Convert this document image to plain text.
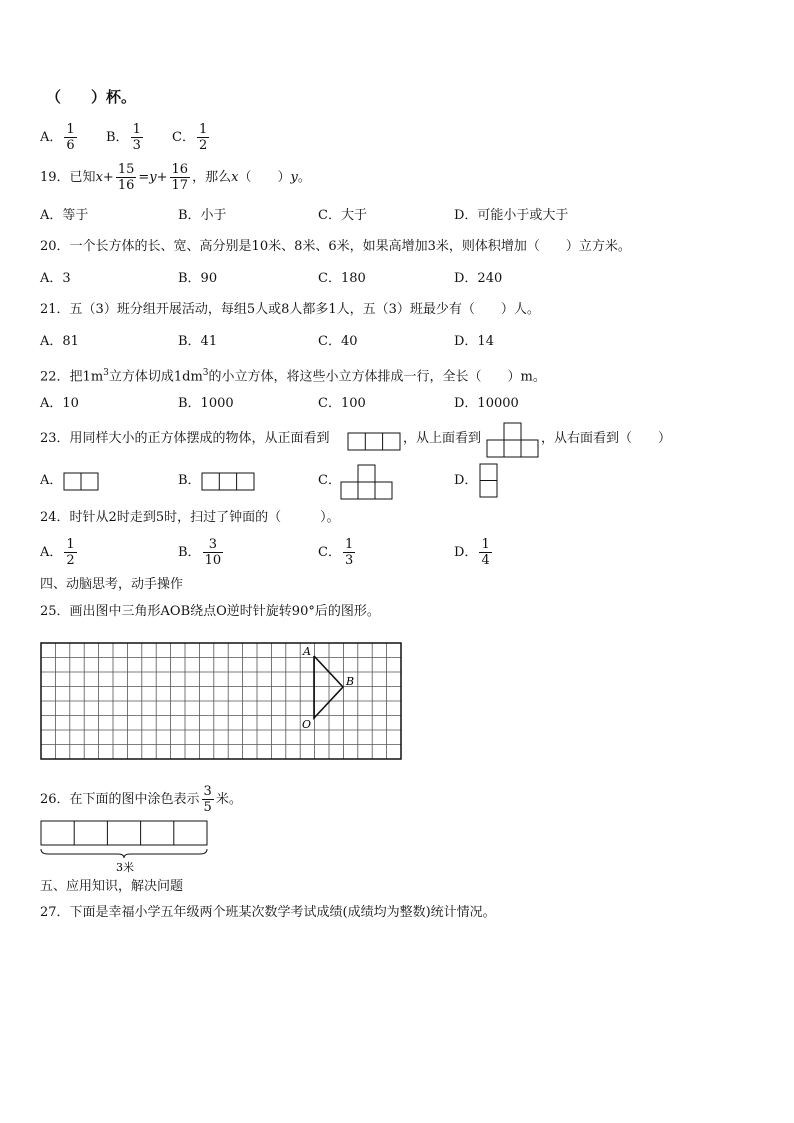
（　　）杯。
A． $\frac{1}{6}$ B． $\frac{1}{3}$ C． $\frac{1}{2}$
19．已知$x+ \frac{15}{16} =y+ \frac{16}{17}$ ，那么x（　　）y。
A．等于	B．小于	C．大于	D．可能小于或大于
20．一个长方体的长、宽、高分别是10米、8米、6米，如果高增加3米，则体积增加（　　）立方米。
A．3	B．90	C．180	D．240
21．五（3）班分组开展活动，每组5人或8人都多1人，五（3）班最少有（　　）人。
A．81	B．41	C．40	D．14
22．把$1m^3$立方体切成$1dm^3$的小立方体，将这些小立方体排成一行，全长（　　）m。
A．10	B．1000	C．100	D．10000
23．用同样大小的正方体摆成的物体，从正面看到	，从上面看到	，从右面看到（　　）
A．	B．	C．	D．
24．时针从2时走到5时，扫过了钟面的（　　　）。
A． $\frac{1}{2}$	B． $\frac{3}{10}$	C． $\frac{1}{3}$	D． $\frac{1}{4}$
四、动脑思考，动手操作
25．画出图中三角形AOB绕点O逆时针旋转90°后的图形。
A
B
O
26．在下面的图中涂色表示 $\frac{3}{5}$ 米。
3米
五、应用知识，解决问题
27．下面是幸福小学五年级两个班某次数学考试成绩(成绩均为整数)统计情况。
